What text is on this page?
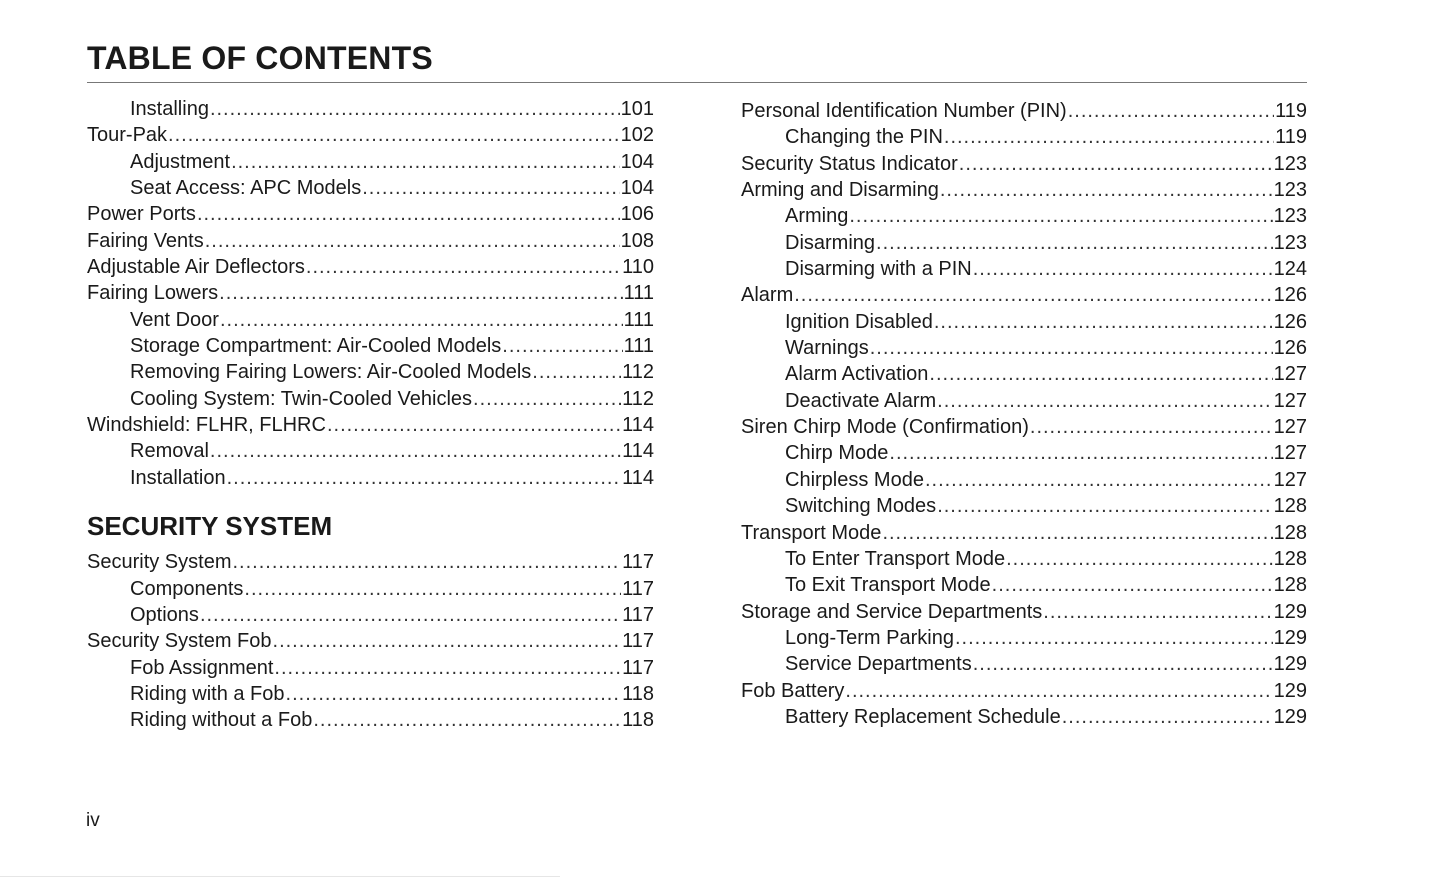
TABLE OF CONTENTS
Installing .....	101
Tour-Pak .....	102
Adjustment .....	104
Seat Access: APC Models .....	104
Power Ports .....	106
Fairing Vents .....	108
Adjustable Air Deflectors .....	110
Fairing Lowers .....	111
Vent Door .....	111
Storage Compartment: Air-Cooled Models .....	111
Removing Fairing Lowers: Air-Cooled Models .....	112
Cooling System: Twin-Cooled Vehicles .....	112
Windshield: FLHR, FLHRC .....	114
Removal .....	114
Installation .....	114
SECURITY SYSTEM
Security System .....	117
Components .....	117
Options .....	117
Security System Fob .....	117
Fob Assignment .....	117
Riding with a Fob .....	118
Riding without a Fob .....	118
Personal Identification Number (PIN) .....	119
Changing the PIN .....	119
Security Status Indicator .....	123
Arming and Disarming .....	123
Arming .....	123
Disarming .....	123
Disarming with a PIN .....	124
Alarm .....	126
Ignition Disabled .....	126
Warnings .....	126
Alarm Activation .....	127
Deactivate Alarm .....	127
Siren Chirp Mode (Confirmation) .....	127
Chirp Mode .....	127
Chirpless Mode .....	127
Switching Modes .....	128
Transport Mode .....	128
To Enter Transport Mode .....	128
To Exit Transport Mode .....	128
Storage and Service Departments .....	129
Long-Term Parking .....	129
Service Departments .....	129
Fob Battery .....	129
Battery Replacement Schedule .....	129
iv
